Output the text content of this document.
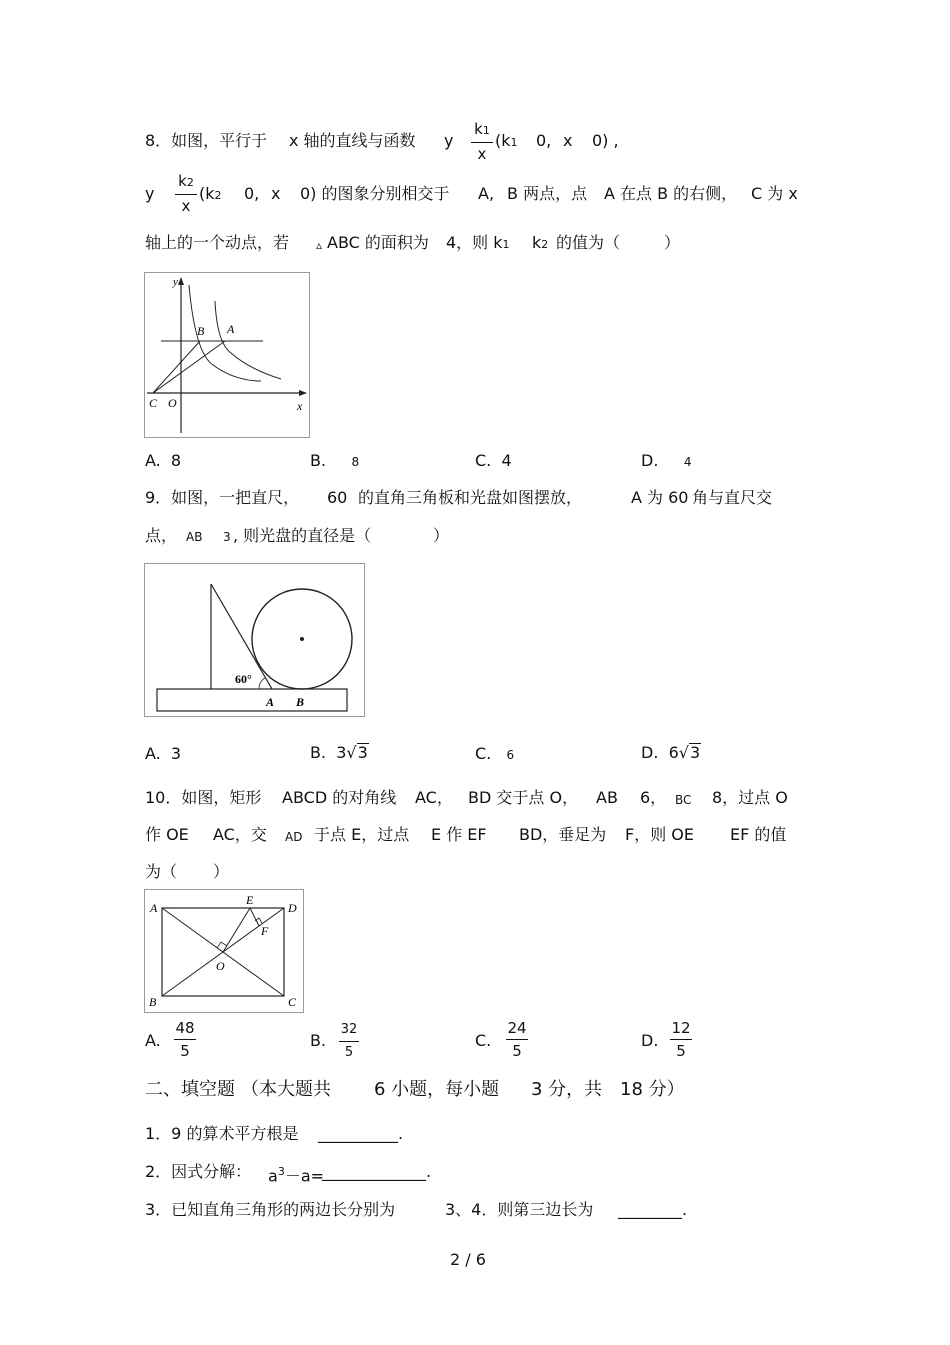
8．如图，平行于 x 轴的直线与函数 y
k1
x
(k1 0, x 0) ,
y
k2
x
(k2 0, x 0) 的图象分别相交于 A, B 两点，点 A 在点 B 的右侧， C 为 x
轴上的一个动点，若 ▵ ABC 的面积为 4，则 k1 k2 的值为（	）
y
x
B A
C O
A. 8	B. 8	C. 4	D. 4
9．如图，一把直尺， 60 的直角三角板和光盘如图摆放，	A 为 60 角与直尺交
点， AB 3 , 则光盘的直径是（	）
60°
A B
A. 3	B. 3√3	C. 6	D. 6√3
10．如图，矩形 ABCD 的对角线 AC， BD 交于点 O， AB 6， BC 8，过点 O
作 OE AC，交 AD 于点 E，过点 E 作 EF BD，垂足为 F，则 OE EF 的值
为（ ）
A	D
E
F
O
B	C
A.
48
5
B.
32
5
C.
24
5
D.
12
5
二、填空题 （本大题共 6 小题，每小题 3 分，共 18 分）
1．9 的算术平方根是 __________.
2．因式分解： $a^3-a=$
_____________.
3．已知直角三角形的两边长分别为	3、4．则第三边长为 ________.
2 / 6
